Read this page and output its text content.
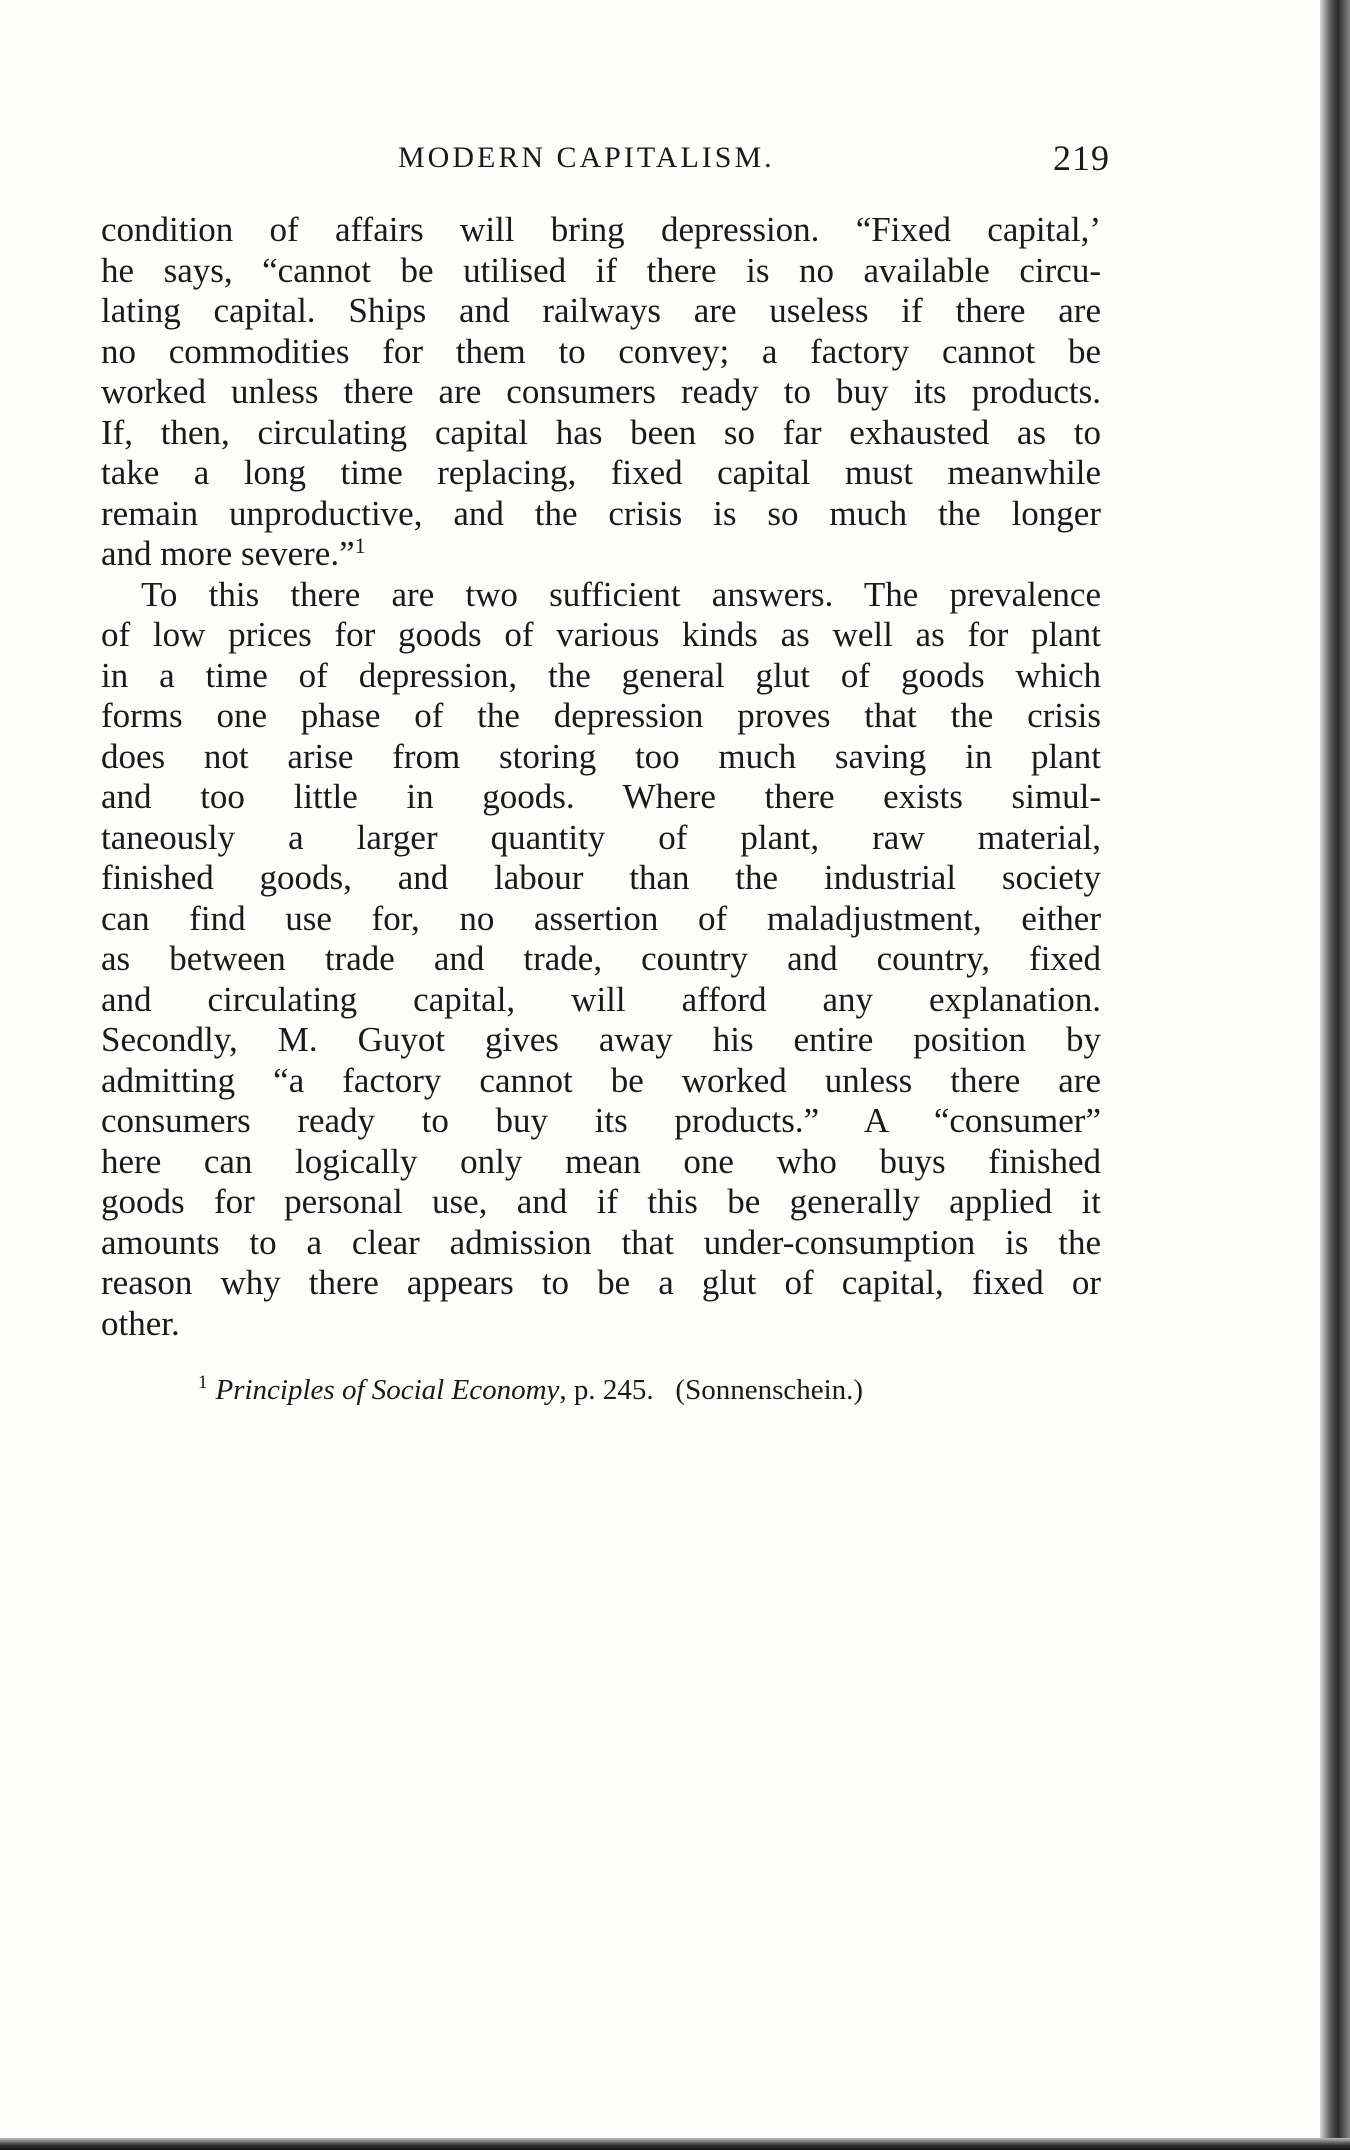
MODERN CAPITALISM.	219
condition of affairs will bring depression. “Fixed capital,’
he says, “cannot be utilised if there is no available circu-
lating capital. Ships and railways are useless if there are
no commodities for them to convey; a factory cannot be
worked unless there are consumers ready to buy its products.
If, then, circulating capital has been so far exhausted as to
take a long time replacing, fixed capital must meanwhile
remain unproductive, and the crisis is so much the longer
and more severe.”$^1$
To this there are two sufficient answers. The prevalence
of low prices for goods of various kinds as well as for plant
in a time of depression, the general glut of goods which
forms one phase of the depression proves that the crisis
does not arise from storing too much saving in plant
and too little in goods. Where there exists simul-
taneously a larger quantity of plant, raw material,
finished goods, and labour than the industrial society
can find use for, no assertion of maladjustment, either
as between trade and trade, country and country, fixed
and circulating capital, will afford any explanation.
Secondly, M. Guyot gives away his entire position by
admitting “a factory cannot be worked unless there are
consumers ready to buy its products.” A “consumer”
here can logically only mean one who buys finished
goods for personal use, and if this be generally applied it
amounts to a clear admission that under-consumption is the
reason why there appears to be a glut of capital, fixed or
other.
$^1$ Principles of Social Economy, p. 245. (Sonnenschein.)
